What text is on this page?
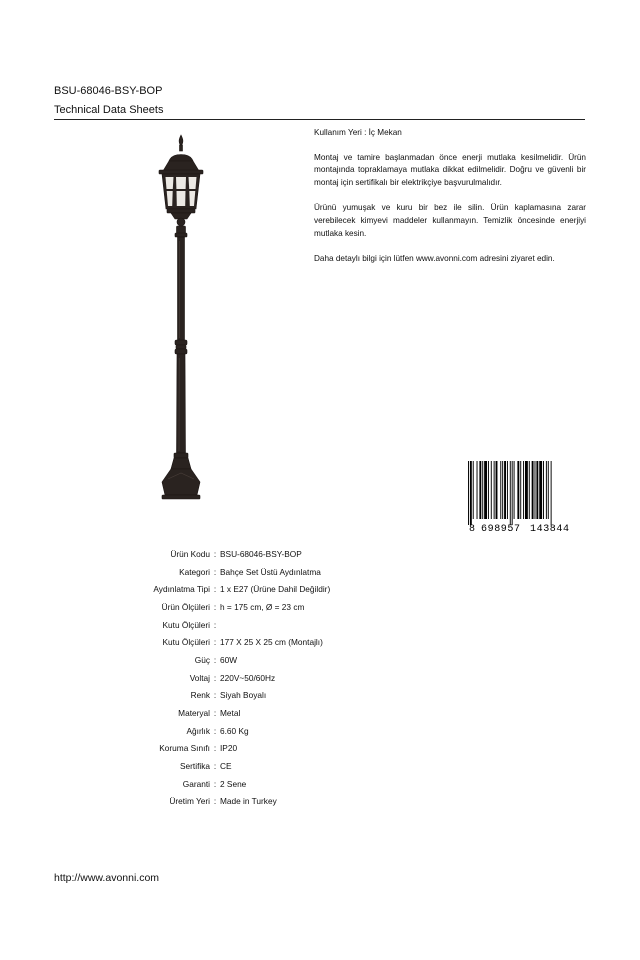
BSU-68046-BSY-BOP
Technical Data Sheets

Kullanım Yeri : İç Mekan

Montaj ve tamire başlanmadan önce enerji mutlaka kesilmelidir. Ürün montajında topraklamaya mutlaka dikkat edilmelidir. Doğru ve güvenli bir montaj için sertifikalı bir elektrikçiye başvurulmalıdır.

Ürünü yumuşak ve kuru bir bez ile silin. Ürün kaplamasına zarar verebilecek kimyevi maddeler kullanmayın. Temizlik öncesinde enerjiyi mutlaka kesin.

Daha detaylı bilgi için lütfen www.avonni.com adresini ziyaret edin.

8 698957 143844
Ürün Kodu : BSU-68046-BSY-BOP
Kategori : Bahçe Set Üstü Aydınlatma
Aydınlatma Tipi : 1 x E27 (Ürüne Dahil Değildir)
Ürün Ölçüleri : h = 175 cm, Ø = 23 cm
Kutu Ölçüleri :
Kutu Ölçüleri : 177 X 25 X 25 cm (Montajlı)
Güç : 60W
Voltaj : 220V~50/60Hz
Renk : Siyah Boyalı
Materyal : Metal
Ağırlık : 6.60 Kg
Koruma Sınıfı : IP20
Sertifika : CE
Garanti : 2 Sene
Üretim Yeri : Made in Turkey
http://www.avonni.com
